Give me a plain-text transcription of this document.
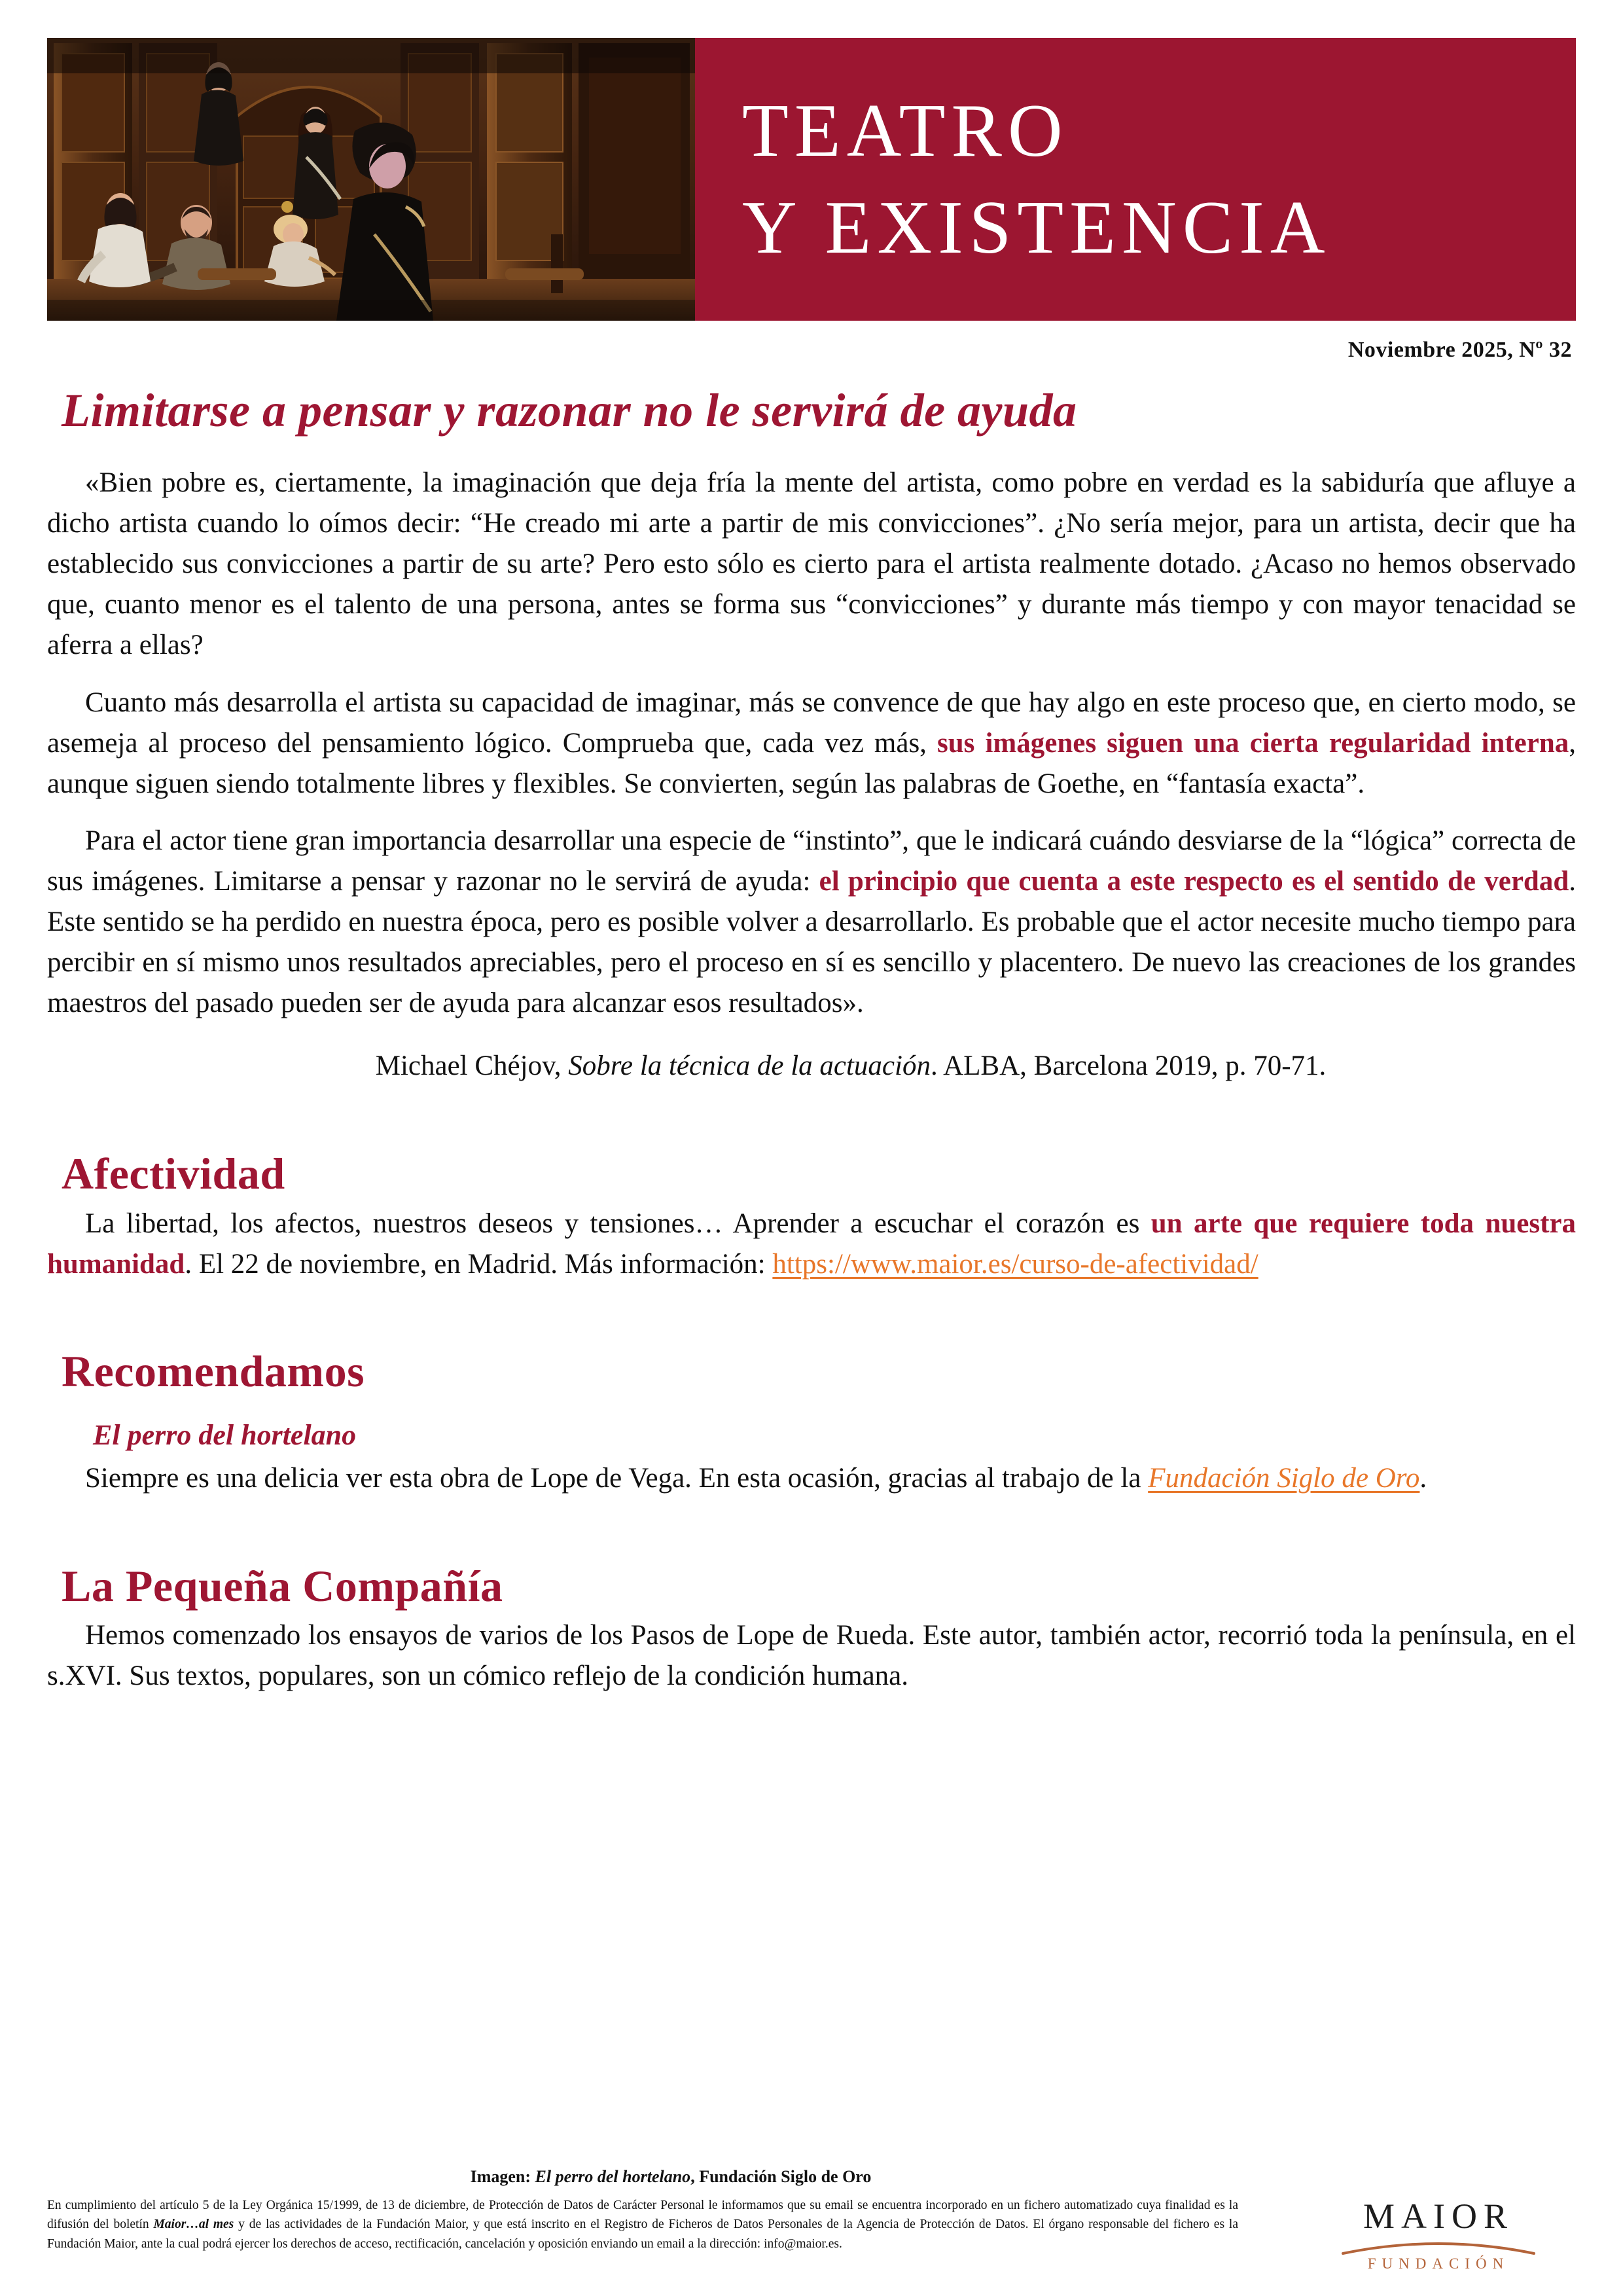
TEATRO
Y EXISTENCIA
Noviembre 2025, Nº 32
Limitarse a pensar y razonar no le servirá de ayuda

«Bien pobre es, ciertamente, la imaginación que deja fría la mente del artista, como pobre en verdad es la sabiduría que afluye a dicho artista cuando lo oímos decir: “He creado mi arte a partir de mis convicciones”. ¿No sería mejor, para un artista, decir que ha establecido sus convicciones a partir de su arte? Pero esto sólo es cierto para el artista realmente dotado. ¿Acaso no hemos observado que, cuanto menor es el talento de una persona, antes se forma sus “convicciones” y durante más tiempo y con mayor tenacidad se aferra a ellas?

Cuanto más desarrolla el artista su capacidad de imaginar, más se convence de que hay algo en este proceso que, en cierto modo, se asemeja al proceso del pensamiento lógico. Comprueba que, cada vez más, sus imágenes siguen una cierta regularidad interna, aunque siguen siendo totalmente libres y flexibles. Se convierten, según las palabras de Goethe, en “fantasía exacta”.

Para el actor tiene gran importancia desarrollar una especie de “instinto”, que le indicará cuándo desviarse de la “lógica” correcta de sus imágenes. Limitarse a pensar y razonar no le servirá de ayuda: el principio que cuenta a este respecto es el sentido de verdad. Este sentido se ha perdido en nuestra época, pero es posible volver a desarrollarlo. Es probable que el actor necesite mucho tiempo para percibir en sí mismo unos resultados apreciables, pero el proceso en sí es sencillo y placentero. De nuevo las creaciones de los grandes maestros del pasado pueden ser de ayuda para alcanzar esos resultados».

Michael Chéjov, Sobre la técnica de la actuación. ALBA, Barcelona 2019, p. 70-71.

Afectividad

La libertad, los afectos, nuestros deseos y tensiones… Aprender a escuchar el corazón es un arte que requiere toda nuestra humanidad. El 22 de noviembre, en Madrid. Más información: https://www.maior.es/curso-de-afectividad/

Recomendamos
El perro del hortelano

Siempre es una delicia ver esta obra de Lope de Vega. En esta ocasión, gracias al trabajo de la Fundación Siglo de Oro.

La Pequeña Compañía

Hemos comenzado los ensayos de varios de los Pasos de Lope de Rueda. Este autor, también actor, recorrió toda la península, en el s.XVI. Sus textos, populares, son un cómico reflejo de la condición humana.

Imagen: El perro del hortelano, Fundación Siglo de Oro

En cumplimiento del artículo 5 de la Ley Orgánica 15/1999, de 13 de diciembre, de Protección de Datos de Carácter Personal le informamos que su email se encuentra incorporado en un fichero automatizado cuya finalidad es la difusión del boletín Maior…al mes y de las actividades de la Fundación Maior, y que está inscrito en el Registro de Ficheros de Datos Personales de la Agencia de Protección de Datos. El órgano responsable del fichero es la Fundación Maior, ante la cual podrá ejercer los derechos de acceso, rectificación, cancelación y oposición enviando un email a la dirección: info@maior.es.
MAIOR
FUNDACIÓN
